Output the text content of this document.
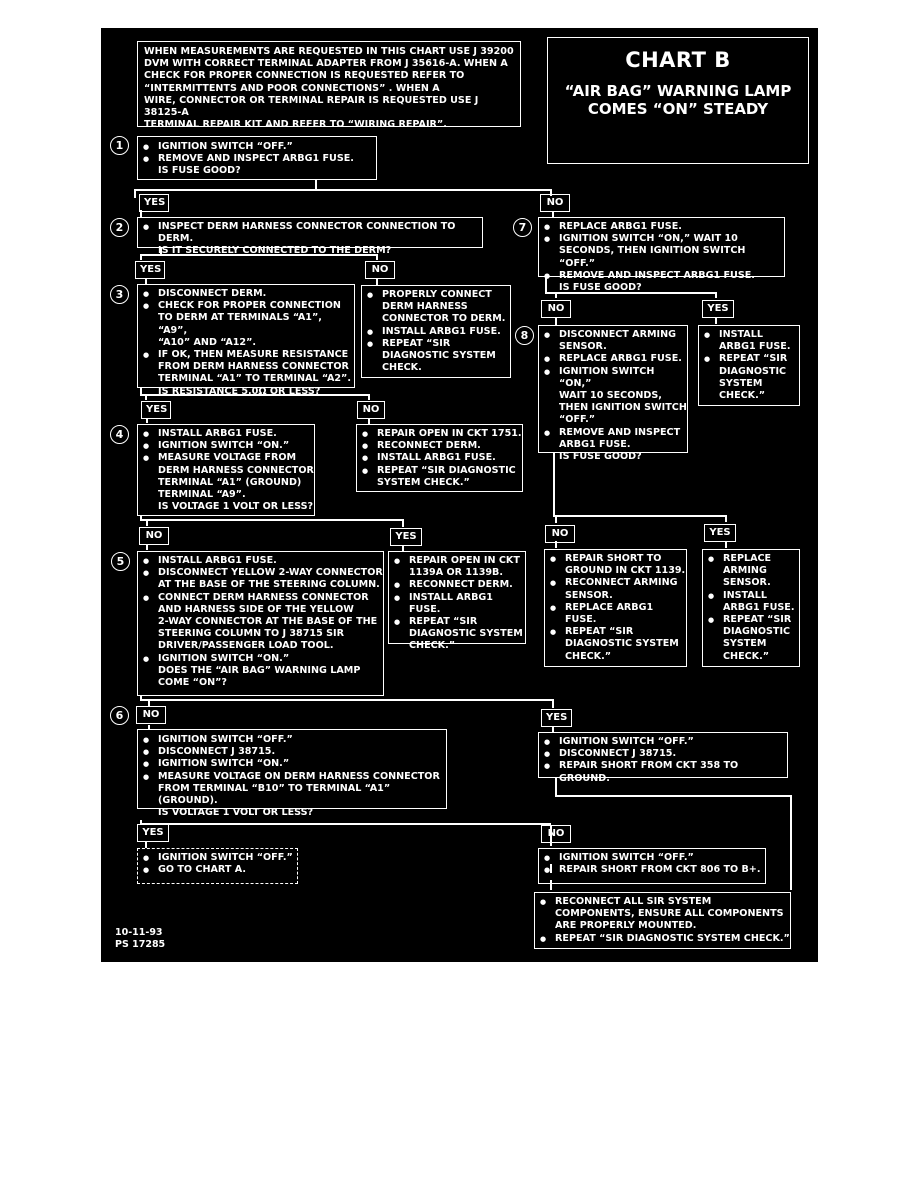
WHEN MEASUREMENTS ARE REQUESTED IN THIS CHART USE J 39200
DVM WITH CORRECT TERMINAL ADAPTER FROM J 35616-A. WHEN A
CHECK FOR PROPER CONNECTION IS REQUESTED REFER TO
“INTERMITTENTS AND POOR CONNECTIONS” . WHEN A
WIRE, CONNECTOR OR TERMINAL REPAIR IS REQUESTED USE J 38125-A
TERMINAL REPAIR KIT AND REFER TO “WIRING REPAIR”.
CHART B
“AIR BAG” WARNING LAMP
COMES “ON” STEADY
1	● IGNITION SWITCH “OFF.”
● REMOVE AND INSPECT ARBG1 FUSE.
IS FUSE GOOD?
YES	NO
2	● INSPECT DERM HARNESS CONNECTOR CONNECTION TO DERM.
IS IT SECURELY CONNECTED TO THE DERM?
7	● REPLACE ARBG1 FUSE.
● IGNITION SWITCH “ON,” WAIT 10
SECONDS, THEN IGNITION SWITCH “OFF.”
● REMOVE AND INSPECT ARBG1 FUSE.
IS FUSE GOOD?
YES	NO
NO	YES
3	● DISCONNECT DERM.
● CHECK FOR PROPER CONNECTION
TO DERM AT TERMINALS “A1”, “A9”,
“A10” AND “A12”.
● IF OK, THEN MEASURE RESISTANCE
FROM DERM HARNESS CONNECTOR
TERMINAL “A1” TO TERMINAL “A2”.
IS RESISTANCE 5.0Ω OR LESS?
● PROPERLY CONNECT
DERM HARNESS
CONNECTOR TO DERM.
● INSTALL ARBG1 FUSE.
● REPEAT “SIR
DIAGNOSTIC SYSTEM
CHECK.
8	● DISCONNECT ARMING
SENSOR.
● REPLACE ARBG1 FUSE.
● IGNITION SWITCH “ON,”
WAIT 10 SECONDS,
THEN IGNITION SWITCH
“OFF.”
● REMOVE AND INSPECT
ARBG1 FUSE.
IS FUSE GOOD?
● INSTALL
ARBG1 FUSE.
● REPEAT “SIR
DIAGNOSTIC
SYSTEM
CHECK.”
YES	NO
4	● INSTALL ARBG1 FUSE.
● IGNITION SWITCH “ON.”
● MEASURE VOLTAGE FROM
DERM HARNESS CONNECTOR
TERMINAL “A1” (GROUND)
TERMINAL “A9”.
IS VOLTAGE 1 VOLT OR LESS?
● REPAIR OPEN IN CKT 1751.
● RECONNECT DERM.
● INSTALL ARBG1 FUSE.
● REPEAT “SIR DIAGNOSTIC
SYSTEM CHECK.”
NO	YES	NO	YES
5	● INSTALL ARBG1 FUSE.
● DISCONNECT YELLOW 2-WAY CONNECTOR
AT THE BASE OF THE STEERING COLUMN.
● CONNECT DERM HARNESS CONNECTOR
AND HARNESS SIDE OF THE YELLOW
2-WAY CONNECTOR AT THE BASE OF THE
STEERING COLUMN TO J 38715 SIR
DRIVER/PASSENGER LOAD TOOL.
● IGNITION SWITCH “ON.”
DOES THE “AIR BAG” WARNING LAMP
COME “ON”?
● REPAIR OPEN IN CKT
1139A OR 1139B.
● RECONNECT DERM.
● INSTALL ARBG1 FUSE.
● REPEAT “SIR
DIAGNOSTIC SYSTEM
CHECK.”
● REPAIR SHORT TO
GROUND IN CKT 1139.
● RECONNECT ARMING
SENSOR.
● REPLACE ARBG1
FUSE.
● REPEAT “SIR
DIAGNOSTIC SYSTEM
CHECK.”
● REPLACE
ARMING
SENSOR.
● INSTALL
ARBG1 FUSE.
● REPEAT “SIR
DIAGNOSTIC
SYSTEM
CHECK.”
6	NO	YES
● IGNITION SWITCH “OFF.”
● DISCONNECT J 38715.
● IGNITION SWITCH “ON.”
● MEASURE VOLTAGE ON DERM HARNESS CONNECTOR
FROM TERMINAL “B10” TO TERMINAL “A1” (GROUND).
IS VOLTAGE 1 VOLT OR LESS?
● IGNITION SWITCH “OFF.”
● DISCONNECT J 38715.
● REPAIR SHORT FROM CKT 358 TO GROUND.
YES	NO
● IGNITION SWITCH “OFF.”
● GO TO CHART A.
● IGNITION SWITCH “OFF.”
● REPAIR SHORT FROM CKT 806 TO B+.
● RECONNECT ALL SIR SYSTEM
COMPONENTS, ENSURE ALL COMPONENTS
ARE PROPERLY MOUNTED.
● REPEAT “SIR DIAGNOSTIC SYSTEM CHECK.”
10-11-93
PS 17285
